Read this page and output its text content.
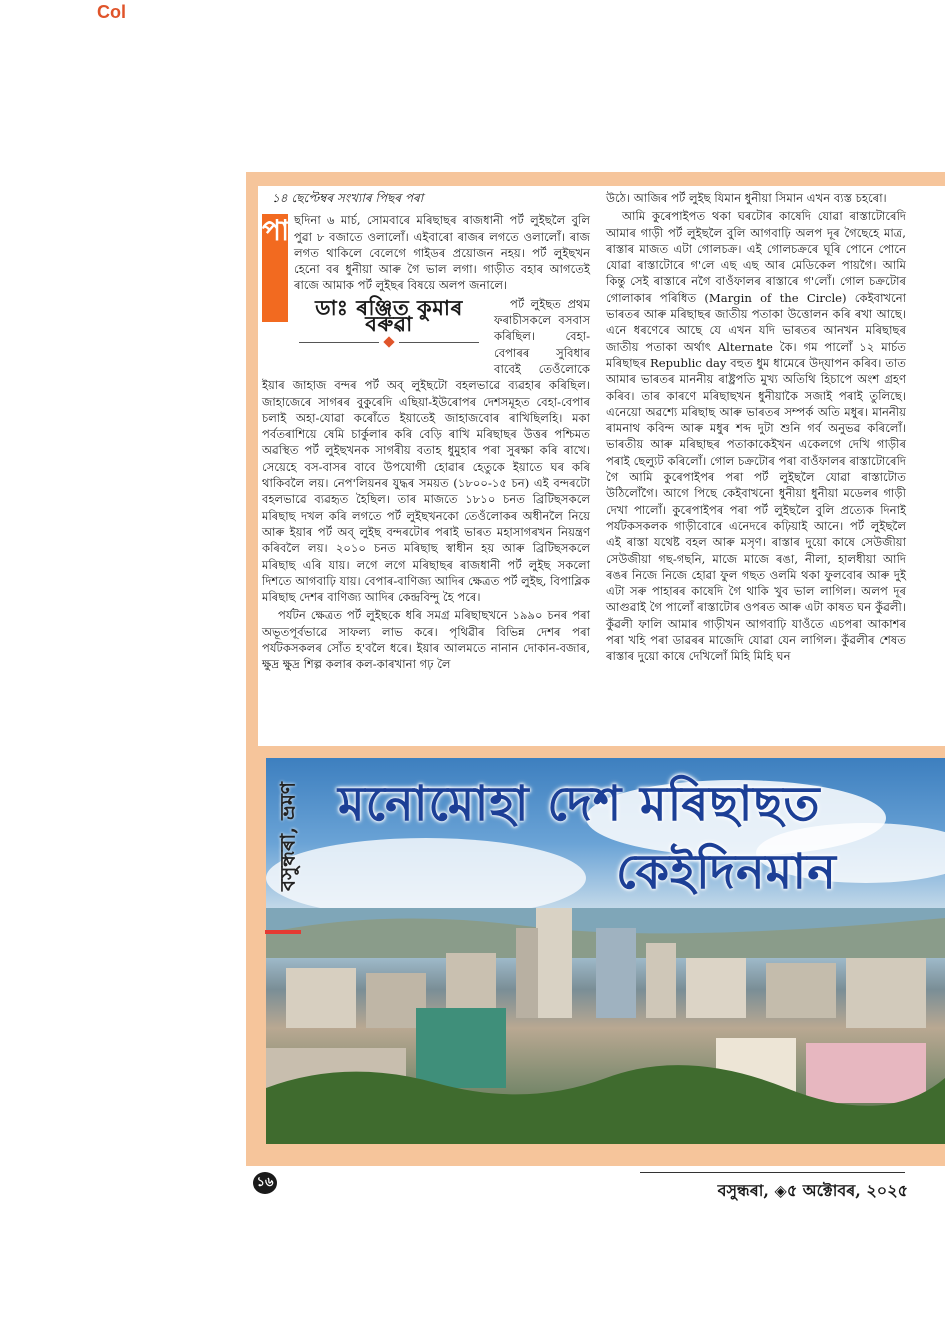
Col
১৪ ছেপ্টেম্বৰ সংখ্যাৰ পিছৰ পৰা
পা ছদিনা ৬ মার্চ, সোমবাৰে মৰিছাছৰ ৰাজধানী পৰ্ট লুইছলৈ বুলি পুৱা ৮ বজাতে ওলালোঁ। এইবাৰো ৰাজৰ লগতে ওলালোঁ। ৰাজ লগত থাকিলে বেলেগে গাইডৰ প্ৰয়োজন নহয়। পৰ্ট লুইছখন হেনো বৰ ধুনীয়া আৰু গৈ ভাল লগা। গাড়ীত বহাৰ আগতেই ৰাজে আমাক পৰ্ট লুইছৰ বিষয়ে অলপ জনালে।

ডাঃ ৰঞ্জিত কুমাৰ বৰুৱা

পৰ্ট লুইছত প্ৰথম ফৰাচীসকলে বসবাস কৰিছিল। বেহা-বেপাৰৰ সুবিধাৰ বাবেই তেওঁলোকে ইয়াৰ জাহাজ বন্দৰ পৰ্ট অব্ লুইছটো বহলভাৱে ব্যৱহাৰ কৰিছিল। জাহাজেৰে সাগৰৰ বুকুৰেদি এছিয়া-ইউৰোপৰ দেশসমূহত বেহা-বেপাৰ চলাই অহা-যোৱা কৰোঁতে ইয়াতেই জাহাজবোৰ ৰাখিছিলহি। মকা পৰ্বতৰাশিয়ে ষেমি চাৰ্কুলাৰ কৰি বেড়ি ৰাখি মৰিছাছৰ উত্তৰ পশ্চিমত অৱস্থিত পৰ্ট লুইছখনক সাগৰীয় বতাহ ধুমুহাৰ পৰা সুৰক্ষা কৰি ৰাখে। সেয়েহে বস-বাসৰ বাবে উপযোগী হোৱাৰ হেতুকে ইয়াতে ঘৰ কৰি থাকিবলৈ লয়। নেপ'লিয়নৰ যুদ্ধৰ সময়ত (১৮০০-১৫ চন) এই বন্দৰটো বহলভাৱে ব্যৱহৃত হৈছিল। তাৰ মাজতে ১৮১০ চনত ব্ৰিটিছসকলে মৰিছাছ দখল কৰি লগতে পৰ্ট লুইছখনকো তেওঁলোকৰ অধীনলৈ নিয়ে আৰু ইয়াৰ পৰ্ট অব্ লুইছ বন্দৰটোৰ পৰাই ভাৰত মহাসাগৰখন নিয়ন্ত্ৰণ কৰিবলৈ লয়। ২০১০ চনত মৰিছাছ স্বাধীন হয় আৰু ব্ৰিটিছসকলে মৰিছাছ এৰি যায়। লগে লগে মৰিছাছৰ ৰাজধানী পৰ্ট লুইছ সকলো দিশতে আগবাঢ়ি যায়। বেপাৰ-বাণিজ্য আদিৰ ক্ষেত্ৰত পৰ্ট লুইছ, বিপাব্লিক মৰিছাছ দেশৰ বাণিজ্য আদিৰ কেন্দ্ৰবিন্দু হৈ পৰে।

পৰ্যটন ক্ষেত্ৰত পৰ্ট লুইছকে ধৰি সমগ্ৰ মৰিছাছখনে ১৯৯০ চনৰ পৰা অভূতপূৰ্বভাৱে সাফল্য লাভ কৰে। পৃথিৱীৰ বিভিন্ন দেশৰ পৰা পৰ্যটকসকলৰ সোঁত হ'বলৈ ধৰে। ইয়াৰ আলমতে নানান দোকান-বজাৰ, ক্ষুদ্ৰ ক্ষুদ্ৰ শিল্প কলাৰ কল-কাৰখানা গঢ় লৈ

উঠে। আজিৰ পৰ্ট লুইছ যিমান ধুনীয়া সিমান এখন ব্যস্ত চহৰো।

আমি কুৰেপাইপত থকা ঘৰটোৰ কাষেদি যোৱা ৰাস্তাটোৰেদি আমাৰ গাড়ী পৰ্ট লুইছলৈ বুলি আগবাঢ়ি অলপ দূৰ গৈছেহে মাত্ৰ, ৰাস্তাৰ মাজত এটা গোলচক্ৰ। এই গোলচক্ৰৰে ঘূৰি পোনে পোনে যোৱা ৰাস্তাটোৰে গ'লে এছ এছ আৰ মেডিকেল পায়গৈ। আমি কিন্তু সেই ৰাস্তাৰে নগৈ বাওঁফালৰ ৰাস্তাৰে গ'লোঁ। গোল চক্ৰটোৰ গোলাকাৰ পৰিধিত (Margin of the Circle) কেইবাখনো ভাৰতৰ আৰু মৰিছাছৰ জাতীয় পতাকা উত্তোলন কৰি ৰখা আছে। এনে ধৰণেৰে আছে যে এখন যদি ভাৰতৰ আনখন মৰিছাছৰ জাতীয় পতাকা অৰ্থাৎ Alternate কৈ। গম পালোঁ ১২ মাৰ্চত মৰিছাছৰ Republic day বহুত ধুম ধামেৰে উদ্‌যাপন কৰিব। তাত আমাৰ ভাৰতৰ মাননীয় ৰাষ্ট্ৰপতি মুখ্য অতিথি হিচাপে অংশ গ্ৰহণ কৰিব। তাৰ কাৰণে মৰিছাছখন ধুনীয়াকৈ সজাই পৰাই তুলিছে। এনেয়ো অৱশ্যে মৰিছাছ আৰু ভাৰতৰ সম্পৰ্ক অতি মধুৰ। মাননীয় ৰামনাথ কবিন্দ আৰু মধুৰ শব্দ দুটা শুনি গৰ্ব অনুভৱ কৰিলোঁ। ভাৰতীয় আৰু মৰিছাছৰ পতাকাকেইখন একেলগে দেখি গাড়ীৰ পৰাই ছেল্যুট কৰিলোঁ। গোল চক্ৰটোৰ পৰা বাওঁফালৰ ৰাস্তাটোৰেদি গৈ আমি কুৰেপাইপৰ পৰা পৰ্ট লুইছলৈ যোৱা ৰাস্তাটোত উঠিলোঁগৈ। আগে পিছে কেইবাখনো ধুনীয়া ধুনীয়া মডেলৰ গাড়ী দেখা পালোঁ। কুৰেপাইপৰ পৰা পৰ্ট লুইছলৈ বুলি প্ৰত্যেক দিনাই পৰ্যটকসকলক গাড়ীবোৰে এনেদৰে কঢ়িয়াই আনে। পৰ্ট লুইছলৈ এই ৰাস্তা যথেষ্ট বহল আৰু মসৃণ। ৰাস্তাৰ দুয়ো কাষে সেউজীয়া সেউজীয়া গছ-গছনি, মাজে মাজে ৰঙা, নীলা, হালধীয়া আদি ৰঙৰ নিজে নিজে হোৱা ফুল গছত ওলমি থকা ফুলবোৰ আৰু দুই এটা সৰু পাহাৰৰ কাষেদি গৈ থাকি খুব ভাল লাগিল। অলপ দূৰ আগুৱাই গৈ পালোঁ ৰাস্তাটোৰ ওপৰত আৰু এটা কাষত ঘন কুঁৱলী। কুঁৱলী ফালি আমাৰ গাড়ীখন আগবাঢ়ি যাওঁতে এচপৰা আকাশৰ পৰা খহি পৰা ডাৱৰৰ মাজেদি যোৱা যেন লাগিল। কুঁৱলীৰ শেষত ৰাস্তাৰ দুয়ো কাষে দেখিলোঁ মিহি মিহি ঘন

বসুন্ধৰা, ভ্ৰমণ মনোমোহা দেশ মৰিছাছত
কেইদিনমান
১৬	বসুন্ধৰা, ◈৫ অক্টোবৰ, ২০২৫
